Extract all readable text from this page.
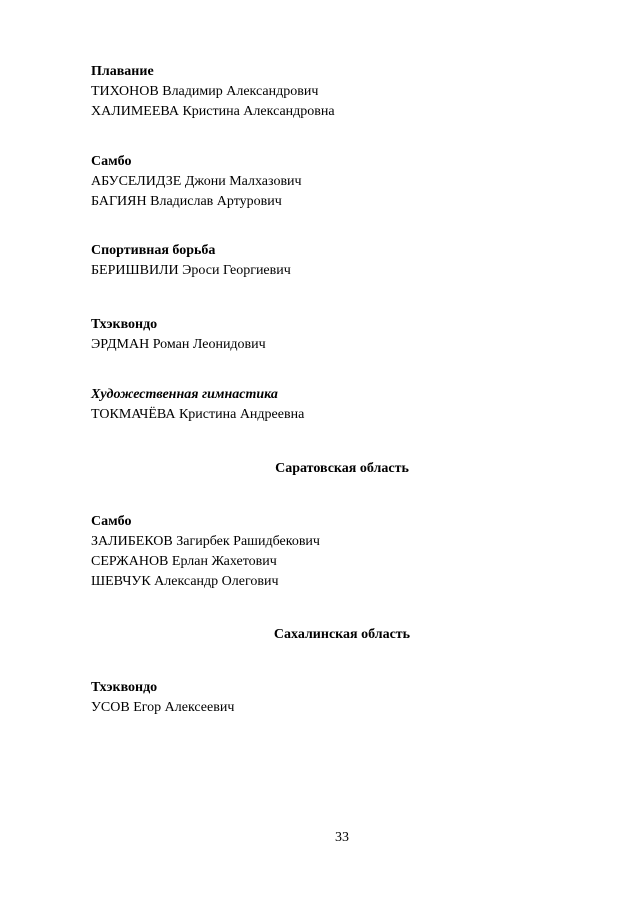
Плавание
ТИХОНОВ Владимир Александрович
ХАЛИМЕЕВА Кристина Александровна
Самбо
АБУСЕЛИДЗЕ Джони Малхазович
БАГИЯН Владислав Артурович
Спортивная борьба
БЕРИШВИЛИ Эроси Георгиевич
Тхэквондо
ЭРДМАН Роман Леонидович
Художественная гимнастика
ТОКМАЧЁВА Кристина Андреевна
Саратовская область
Самбо
ЗАЛИБЕКОВ Загирбек Рашидбекович
СЕРЖАНОВ Ерлан Жахетович
ШЕВЧУК Александр Олегович
Сахалинская область
Тхэквондо
УСОВ Егор Алексеевич
33
